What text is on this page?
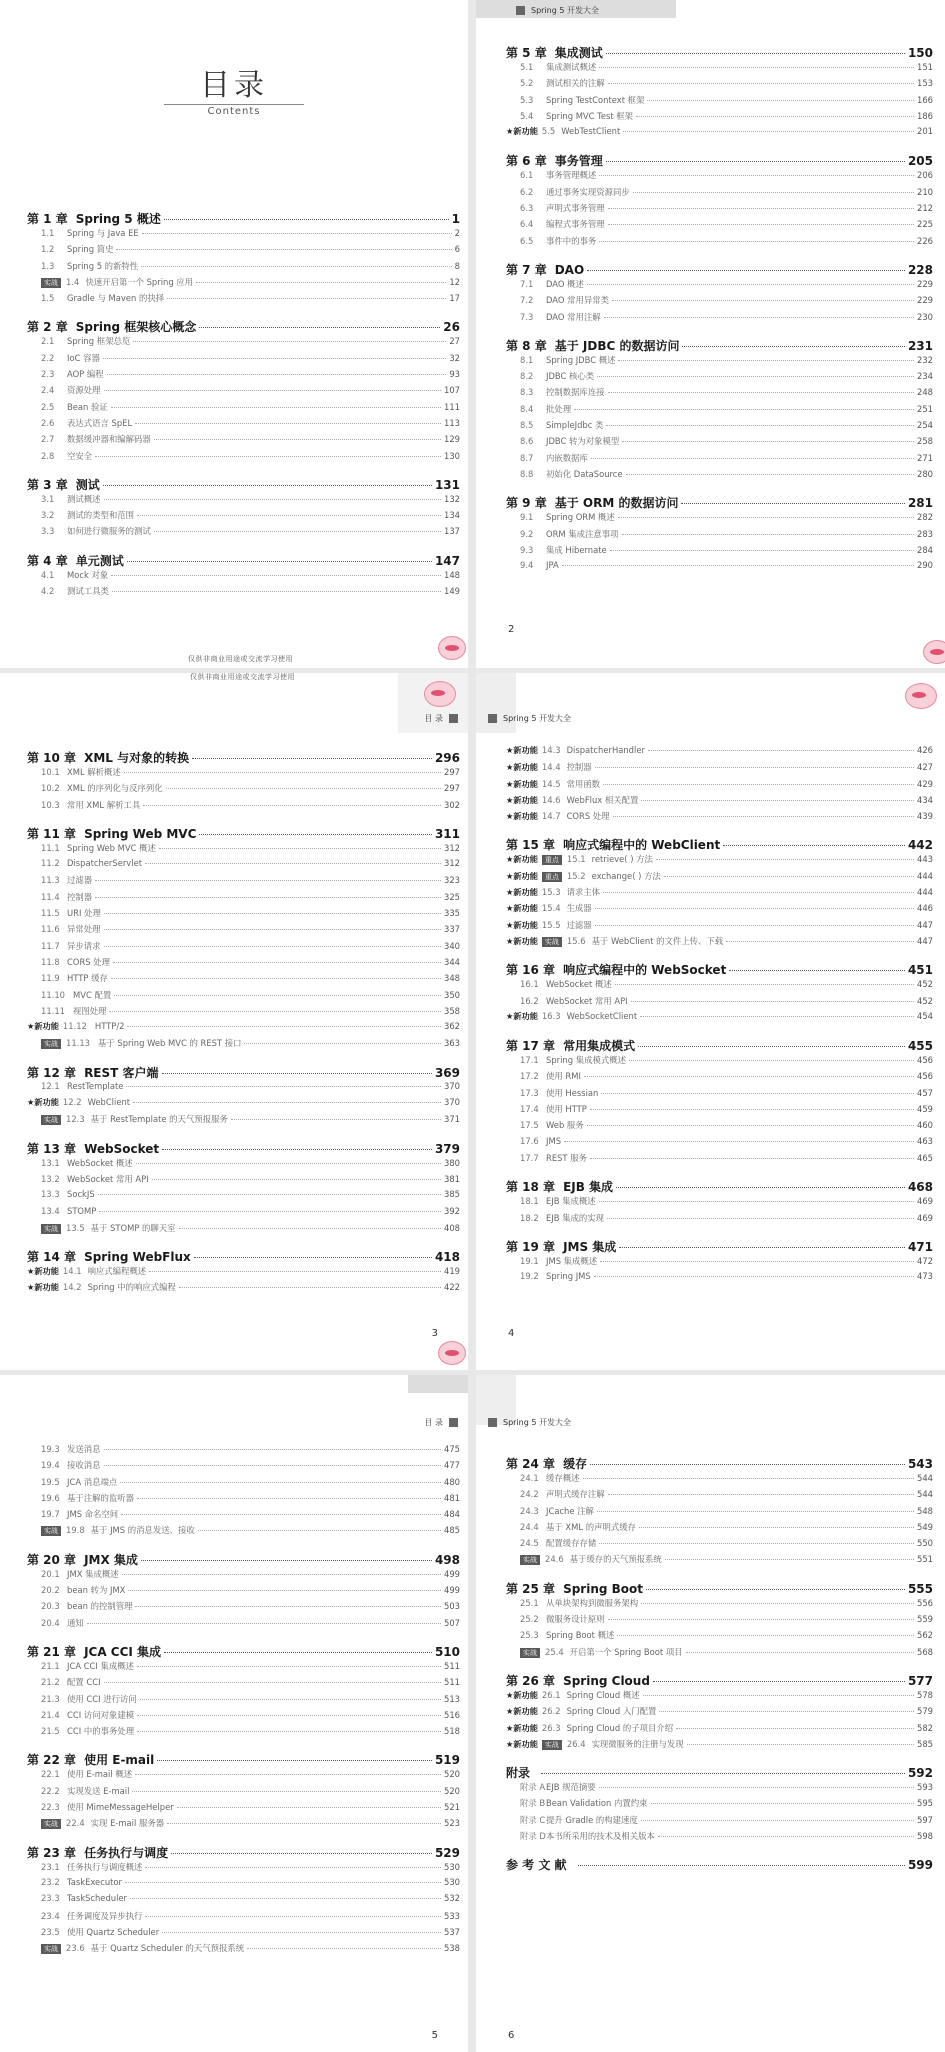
目录
Contents
第 1 章 Spring 5 概述	1
1.1	Spring 与 Java EE	2
1.2	Spring 简史	6
1.3	Spring 5 的新特性	8
实战 1.4 快速开启第一个 Spring 应用	12
1.5	Gradle 与 Maven 的抉择	17
第 2 章 Spring 框架核心概念	26
2.1	Spring 框架总览	27
2.2	IoC 容器	32
2.3	AOP 编程	93
2.4	资源处理	107
2.5	Bean 验证	111
2.6	表达式语言 SpEL	113
2.7	数据缓冲器和编解码器	129
2.8	空安全	130
第 3 章 测试	131
3.1	测试概述	132
3.2	测试的类型和范围	134
3.3	如何进行微服务的测试	137
第 4 章 单元测试	147
4.1	Mock 对象	148
4.2	测试工具类	149
仅供非商业用途或交流学习使用
Spring 5 开发大全
第 5 章 集成测试	150
5.1	集成测试概述	151
5.2	测试相关的注解	153
5.3	Spring TestContext 框架	166
5.4	Spring MVC Test 框架	186
★新功能 5.5 WebTestClient	201
第 6 章 事务管理	205
6.1	事务管理概述	206
6.2	通过事务实现资源同步	210
6.3	声明式事务管理	212
6.4	编程式事务管理	225
6.5	事件中的事务	226
第 7 章 DAO	228
7.1	DAO 概述	229
7.2	DAO 常用异常类	229
7.3	DAO 常用注解	230
第 8 章 基于 JDBC 的数据访问	231
8.1	Spring JDBC 概述	232
8.2	JDBC 核心类	234
8.3	控制数据库连接	248
8.4	批处理	251
8.5	SimpleJdbc 类	254
8.6	JDBC 转为对象模型	258
8.7	内嵌数据库	271
8.8	初始化 DataSource	280
第 9 章 基于 ORM 的数据访问	281
9.1	Spring ORM 概述	282
9.2	ORM 集成注意事项	283
9.3	集成 Hibernate	284
9.4	JPA	290
2
仅供非商业用途或交流学习使用
目 录
第 10 章 XML 与对象的转换	296
10.1 XML 解析概述	297
10.2 XML 的序列化与反序列化	297
10.3 常用 XML 解析工具	302
第 11 章 Spring Web MVC	311
11.1 Spring Web MVC 概述	312
11.2 DispatcherServlet	312
11.3 过滤器	323
11.4 控制器	325
11.5 URI 处理	335
11.6 异常处理	337
11.7 异步请求	340
11.8 CORS 处理	344
11.9 HTTP 缓存	348
11.10 MVC 配置	350
11.11 视图处理	358
★新功能 11.12 HTTP/2	362
实战 11.13 基于 Spring Web MVC 的 REST 接口	363
第 12 章 REST 客户端	369
12.1 RestTemplate	370
★新功能 12.2 WebClient	370
实战 12.3 基于 RestTemplate 的天气预报服务	371
第 13 章 WebSocket	379
13.1 WebSocket 概述	380
13.2 WebSocket 常用 API	381
13.3 SockJS	385
13.4 STOMP	392
实战 13.5 基于 STOMP 的聊天室	408
第 14 章 Spring WebFlux	418
★新功能 14.1 响应式编程概述	419
★新功能 14.2 Spring 中的响应式编程	422
3
Spring 5 开发大全
★新功能 14.3 DispatcherHandler	426
★新功能 14.4 控制器	427
★新功能 14.5 常用函数	429
★新功能 14.6 WebFlux 相关配置	434
★新功能 14.7 CORS 处理	439
第 15 章 响应式编程中的 WebClient	442
★新功能	重点 15.1 retrieve( ) 方法	443
★新功能	重点 15.2 exchange( ) 方法	444
★新功能 15.3 请求主体	444
★新功能 15.4 生成器	446
★新功能 15.5 过滤器	447
★新功能	实战 15.6 基于 WebClient 的文件上传、下载	447
第 16 章 响应式编程中的 WebSocket	451
16.1 WebSocket 概述	452
16.2 WebSocket 常用 API	452
★新功能 16.3 WebSocketClient	454
第 17 章 常用集成模式	455
17.1 Spring 集成模式概述	456
17.2 使用 RMI	456
17.3 使用 Hessian	457
17.4 使用 HTTP	459
17.5 Web 服务	460
17.6 JMS	463
17.7 REST 服务	465
第 18 章 EJB 集成	468
18.1 EJB 集成概述	469
18.2 EJB 集成的实现	469
第 19 章 JMS 集成	471
19.1 JMS 集成概述	472
19.2 Spring JMS	473
4
目 录
19.3 发送消息	475
19.4 接收消息	477
19.5 JCA 消息端点	480
19.6 基于注解的监听器	481
19.7 JMS 命名空间	484
实战 19.8 基于 JMS 的消息发送、接收	485
第 20 章 JMX 集成	498
20.1 JMX 集成概述	499
20.2 bean 转为 JMX	499
20.3 bean 的控制管理	503
20.4 通知	507
第 21 章 JCA CCI 集成	510
21.1 JCA CCI 集成概述	511
21.2 配置 CCI	511
21.3 使用 CCI 进行访问	513
21.4 CCI 访问对象建模	516
21.5 CCI 中的事务处理	518
第 22 章 使用 E-mail	519
22.1 使用 E-mail 概述	520
22.2 实现发送 E-mail	520
22.3 使用 MimeMessageHelper	521
实战 22.4 实现 E-mail 服务器	523
第 23 章 任务执行与调度	529
23.1 任务执行与调度概述	530
23.2 TaskExecutor	530
23.3 TaskScheduler	532
23.4 任务调度及异步执行	533
23.5 使用 Quartz Scheduler	537
实战 23.6 基于 Quartz Scheduler 的天气预报系统	538
5
Spring 5 开发大全
第 24 章 缓存	543
24.1 缓存概述	544
24.2 声明式缓存注解	544
24.3 JCache 注解	548
24.4 基于 XML 的声明式缓存	549
24.5 配置缓存存储	550
实战 24.6 基于缓存的天气预报系统	551
第 25 章 Spring Boot	555
25.1 从单块架构到微服务架构	556
25.2 微服务设计原则	559
25.3 Spring Boot 概述	562
实战 25.4 开启第一个 Spring Boot 项目	568
第 26 章 Spring Cloud	577
★新功能 26.1 Spring Cloud 概述	578
★新功能 26.2 Spring Cloud 入门配置	579
★新功能 26.3 Spring Cloud 的子项目介绍	582
★新功能	实战 26.4 实现微服务的注册与发现	585
附录	592
附录 A EJB 规范摘要	593
附录 B Bean Validation 内置约束	595
附录 C 提升 Gradle 的构建速度	597
附录 D 本书所采用的技术及相关版本	598
参 考 文 献	599
6
